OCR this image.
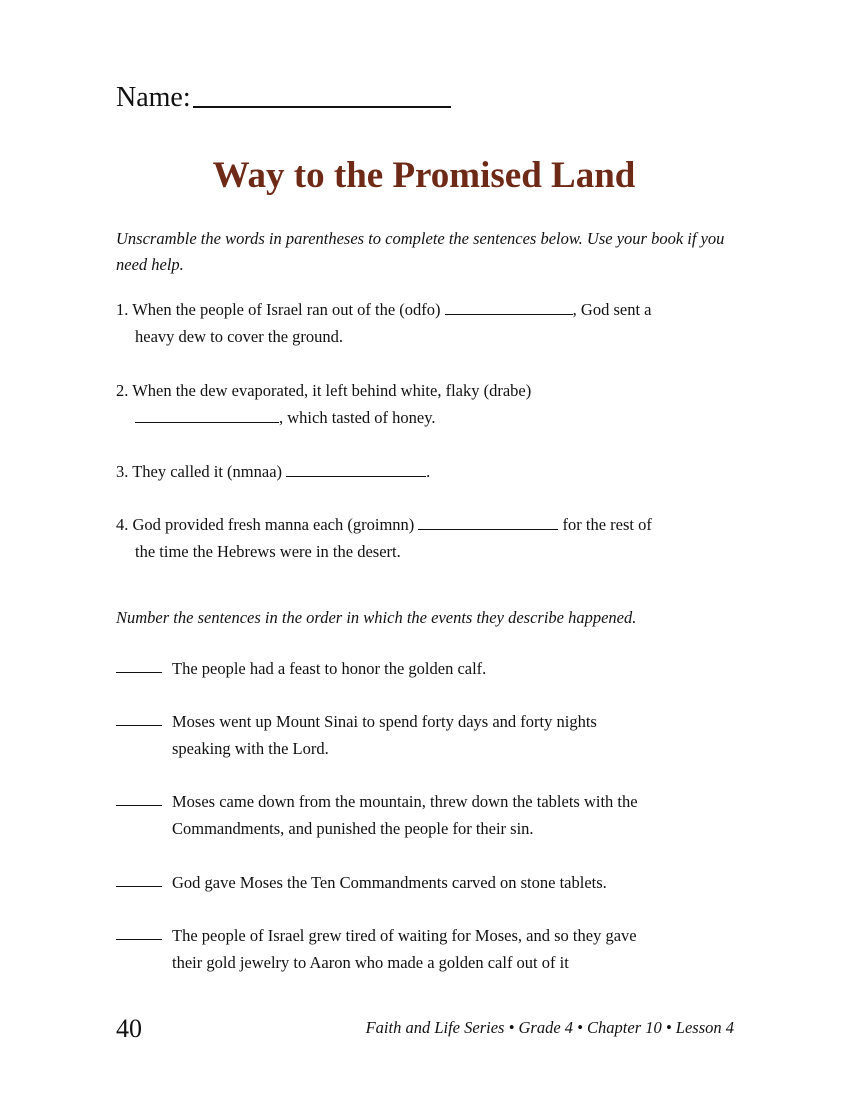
Name:
Way to the Promised Land
Unscramble the words in parentheses to complete the sentences below. Use your book if you need help.
1. When the people of Israel ran out of the (odfo)	, God sent a
heavy dew to cover the ground.
2. When the dew evaporated, it left behind white, flaky (drabe)
, which tasted of honey.
3. They called it (nmnaa)	.
4. God provided fresh manna each (groimnn)	for the rest of
the time the Hebrews were in the desert.
Number the sentences in the order in which the events they describe happened.
The people had a feast to honor the golden calf.
Moses went up Mount Sinai to spend forty days and forty nights
speaking with the Lord.
Moses came down from the mountain, threw down the tablets with the
Commandments, and punished the people for their sin.
God gave Moses the Ten Commandments carved on stone tablets.
The people of Israel grew tired of waiting for Moses, and so they gave
their gold jewelry to Aaron who made a golden calf out of it
40	Faith and Life Series • Grade 4 • Chapter 10 • Lesson 4
